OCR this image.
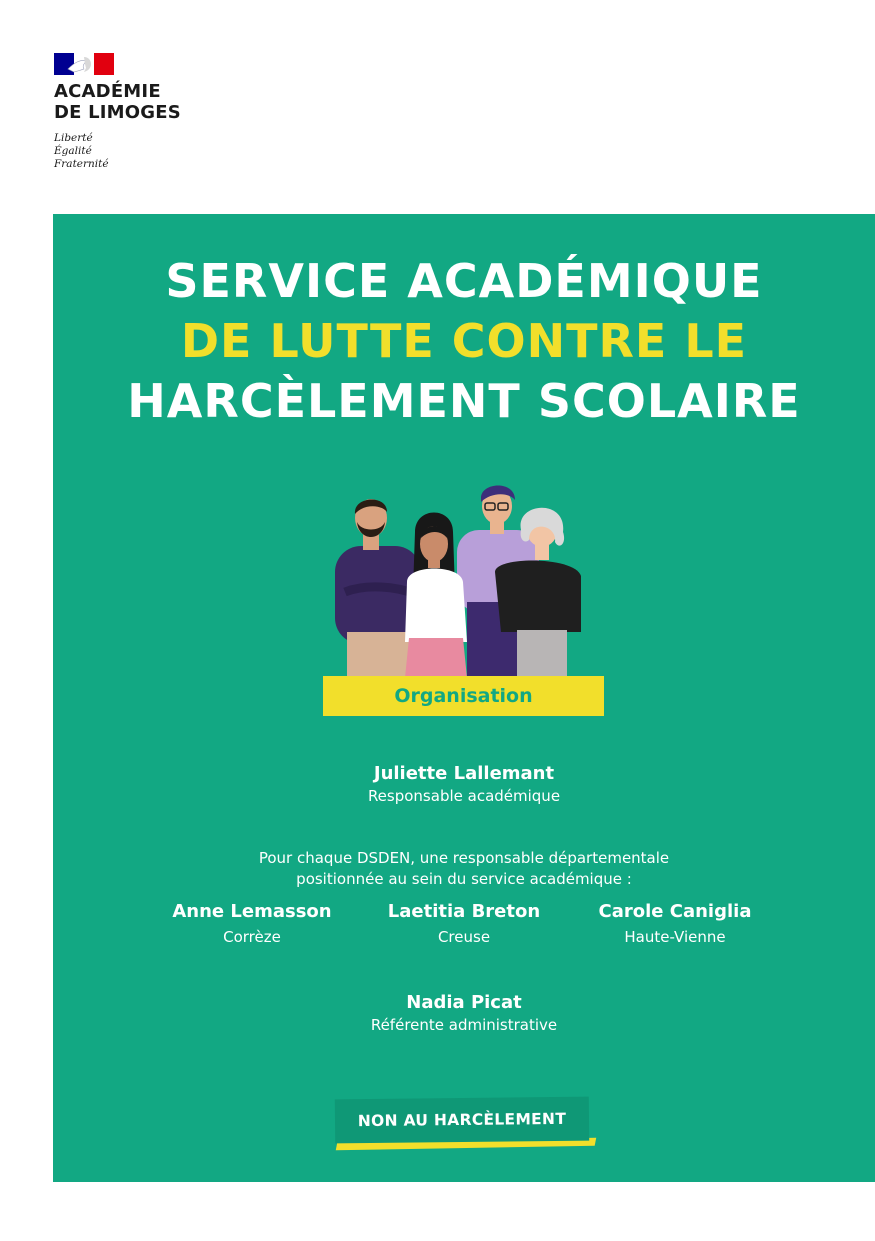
ACADÉMIE
DE LIMOGES
Liberté
Égalité
Fraternité
SERVICE ACADÉMIQUE
DE LUTTE CONTRE LE
HARCÈLEMENT SCOLAIRE
Organisation
Juliette Lallemant
Responsable académique
Pour chaque DSDEN, une responsable départementale
positionnée au sein du service académique :
Anne Lemasson
Corrèze
Laetitia Breton
Creuse
Carole Caniglia
Haute-Vienne
Nadia Picat
Référente administrative
NON AU HARCÈLEMENT
